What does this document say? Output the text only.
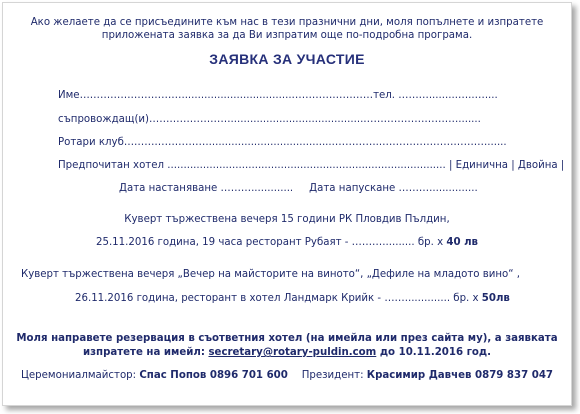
Ако желаете да се присъедините към нас в тези празнични дни, моля попълнете и изпратете
приложената заявка за да Ви изпратим още по-подробна програма.
ЗАЯВКА ЗА УЧАСТИЕ
Име…………………………..................................……………………тел. ……….........…..…....
съпровождащ(и)…………………….........................................………………………........
Ротари клуб……………………........................................…………..………………………….......
Предпочитан хотел ...................................................................................... | Единична | Двойна |
Дата настаняване ………............. Дата напускане ………...............
Куверт тържествена вечеря 15 години РК Пловдив Пълдин,
25.11.2016 година, 19 часа ресторант Рубаят - ……….......... бр. х 40 лв
Куверт тържествена вечеря „Вечер на майсторите на виното“, „Дефиле на младото вино“ ,
26.11.2016 година, ресторант в хотел Ландмарк Крийк - …….............. бр. х 50лв
Моля направете резервация в съответния хотел (на имейла или през сайта му), а заявката
изпратете на имейл: secretary@rotary-puldin.com до 10.11.2016 год.
Церемониалмайстор: Спас Попов 0896 701 600 Президент: Красимир Давчев 0879 837 047
